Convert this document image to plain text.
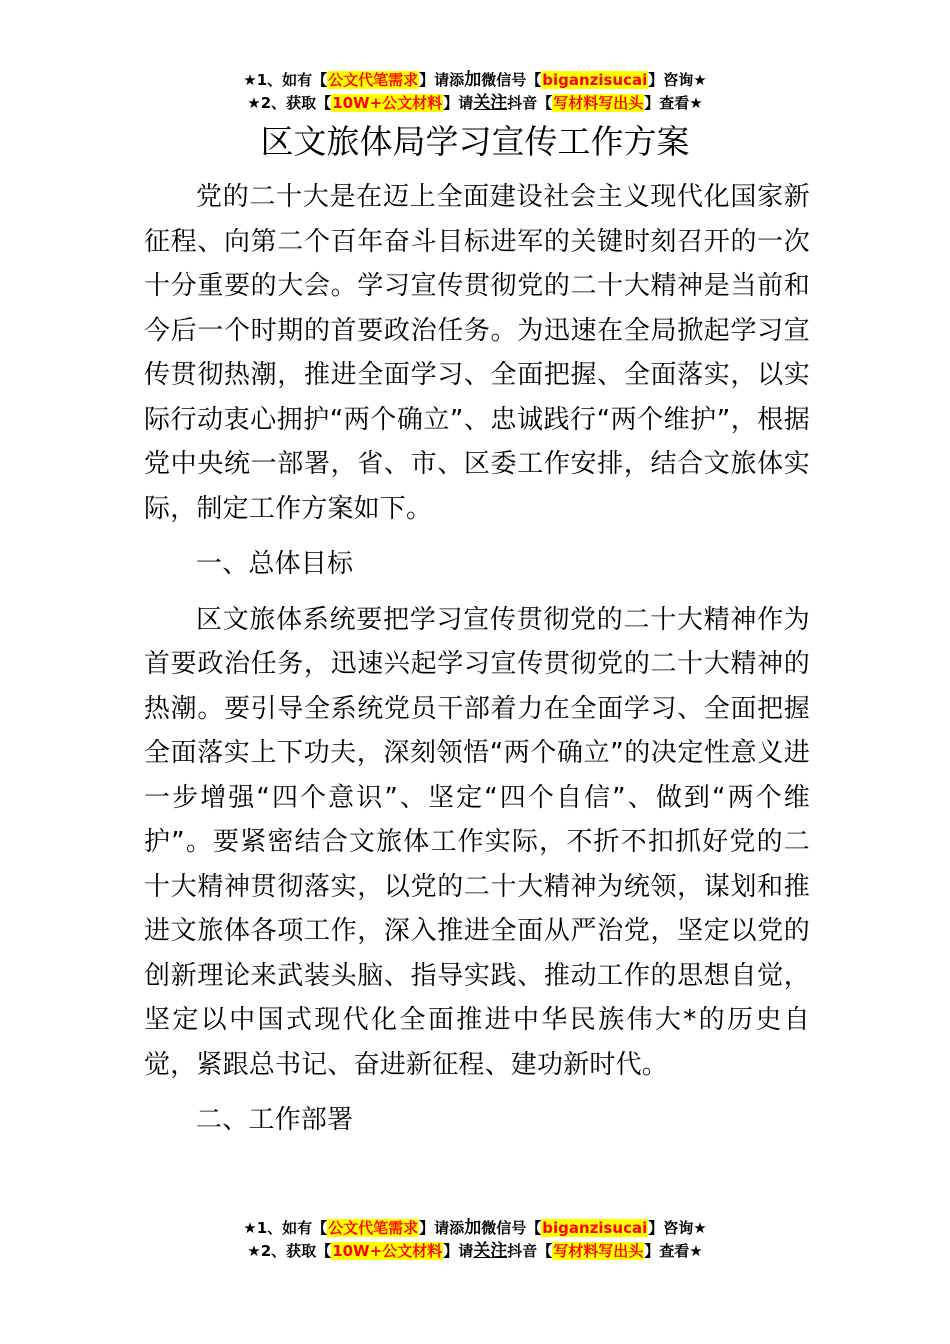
★1、如有【公文代笔需求】请添加微信号【biganzisucai】咨询★
★2、获取【10W+公文材料】请关注抖音【写材料写出头】查看★
区文旅体局学习宣传工作方案

党的二十大是在迈上全面建设社会主义现代化国家新征程、向第二个百年奋斗目标进军的关键时刻召开的一次十分重要的大会。学习宣传贯彻党的二十大精神是当前和今后一个时期的首要政治任务。为迅速在全局掀起学习宣传贯彻热潮，推进全面学习、全面把握、全面落实，以实际行动衷心拥护“两个确立”、忠诚践行“两个维护”，根据党中央统一部署，省、市、区委工作安排，结合文旅体实际，制定工作方案如下。

一、总体目标

区文旅体系统要把学习宣传贯彻党的二十大精神作为首要政治任务，迅速兴起学习宣传贯彻党的二十大精神的热潮。要引导全系统党员干部着力在全面学习、全面把握全面落实上下功夫，深刻领悟“两个确立”的决定性意义进一步增强“四个意识”、坚定“四个自信”、做到“两个维护”。要紧密结合文旅体工作实际，不折不扣抓好党的二十大精神贯彻落实，以党的二十大精神为统领，谋划和推进文旅体各项工作，深入推进全面从严治党，坚定以党的创新理论来武装头脑、指导实践、推动工作的思想自觉，坚定以中国式现代化全面推进中华民族伟大*的历史自觉，紧跟总书记、奋进新征程、建功新时代。

二、工作部署

★1、如有【公文代笔需求】请添加微信号【biganzisucai】咨询★
★2、获取【10W+公文材料】请关注抖音【写材料写出头】查看★
